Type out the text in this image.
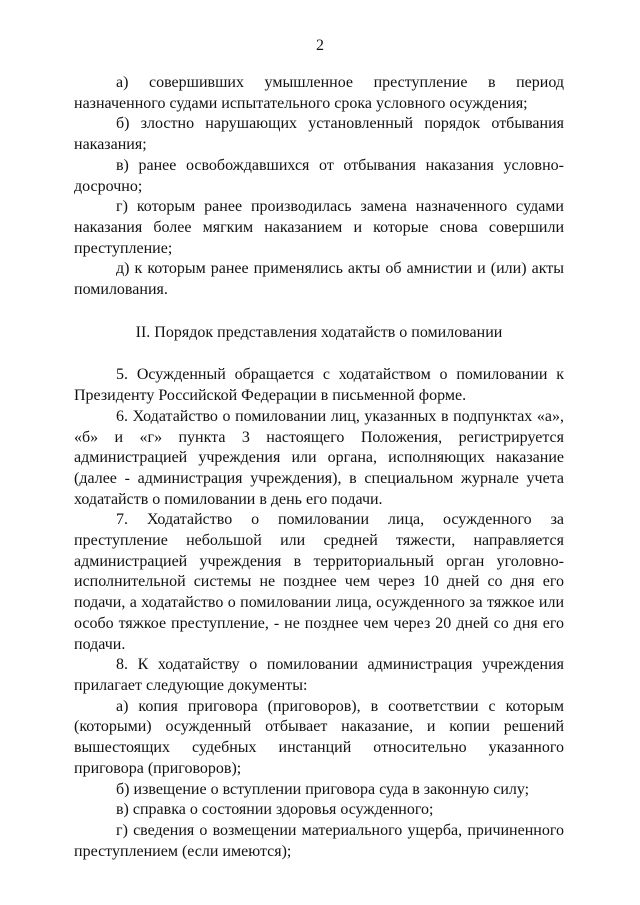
2

а) совершивших умышленное преступление в период назначенного судами испытательного срока условного осуждения;

б) злостно нарушающих установленный порядок отбывания наказания;

в) ранее освобождавшихся от отбывания наказания условно-досрочно;

г) которым ранее производилась замена назначенного судами наказания более мягким наказанием и которые снова совершили преступление;

д) к которым ранее применялись акты об амнистии и (или) акты помилования.

II. Порядок представления ходатайств о помиловании

5. Осужденный обращается с ходатайством о помиловании к Президенту Российской Федерации в письменной форме.

6. Ходатайство о помиловании лиц, указанных в подпунктах «а», «б» и «г» пункта 3 настоящего Положения, регистрируется администрацией учреждения или органа, исполняющих наказание (далее - администрация учреждения), в специальном журнале учета ходатайств о помиловании в день его подачи.

7. Ходатайство о помиловании лица, осужденного за преступление небольшой или средней тяжести, направляется администрацией учреждения в территориальный орган уголовно-исполнительной системы не позднее чем через 10 дней со дня его подачи, а ходатайство о помиловании лица, осужденного за тяжкое или особо тяжкое преступление, - не позднее чем через 20 дней со дня его подачи.

8. К ходатайству о помиловании администрация учреждения прилагает следующие документы:

а) копия приговора (приговоров), в соответствии с которым (которыми) осужденный отбывает наказание, и копии решений вышестоящих судебных инстанций относительно указанного приговора (приговоров);

б) извещение о вступлении приговора суда в законную силу;

в) справка о состоянии здоровья осужденного;

г) сведения о возмещении материального ущерба, причиненного преступлением (если имеются);
